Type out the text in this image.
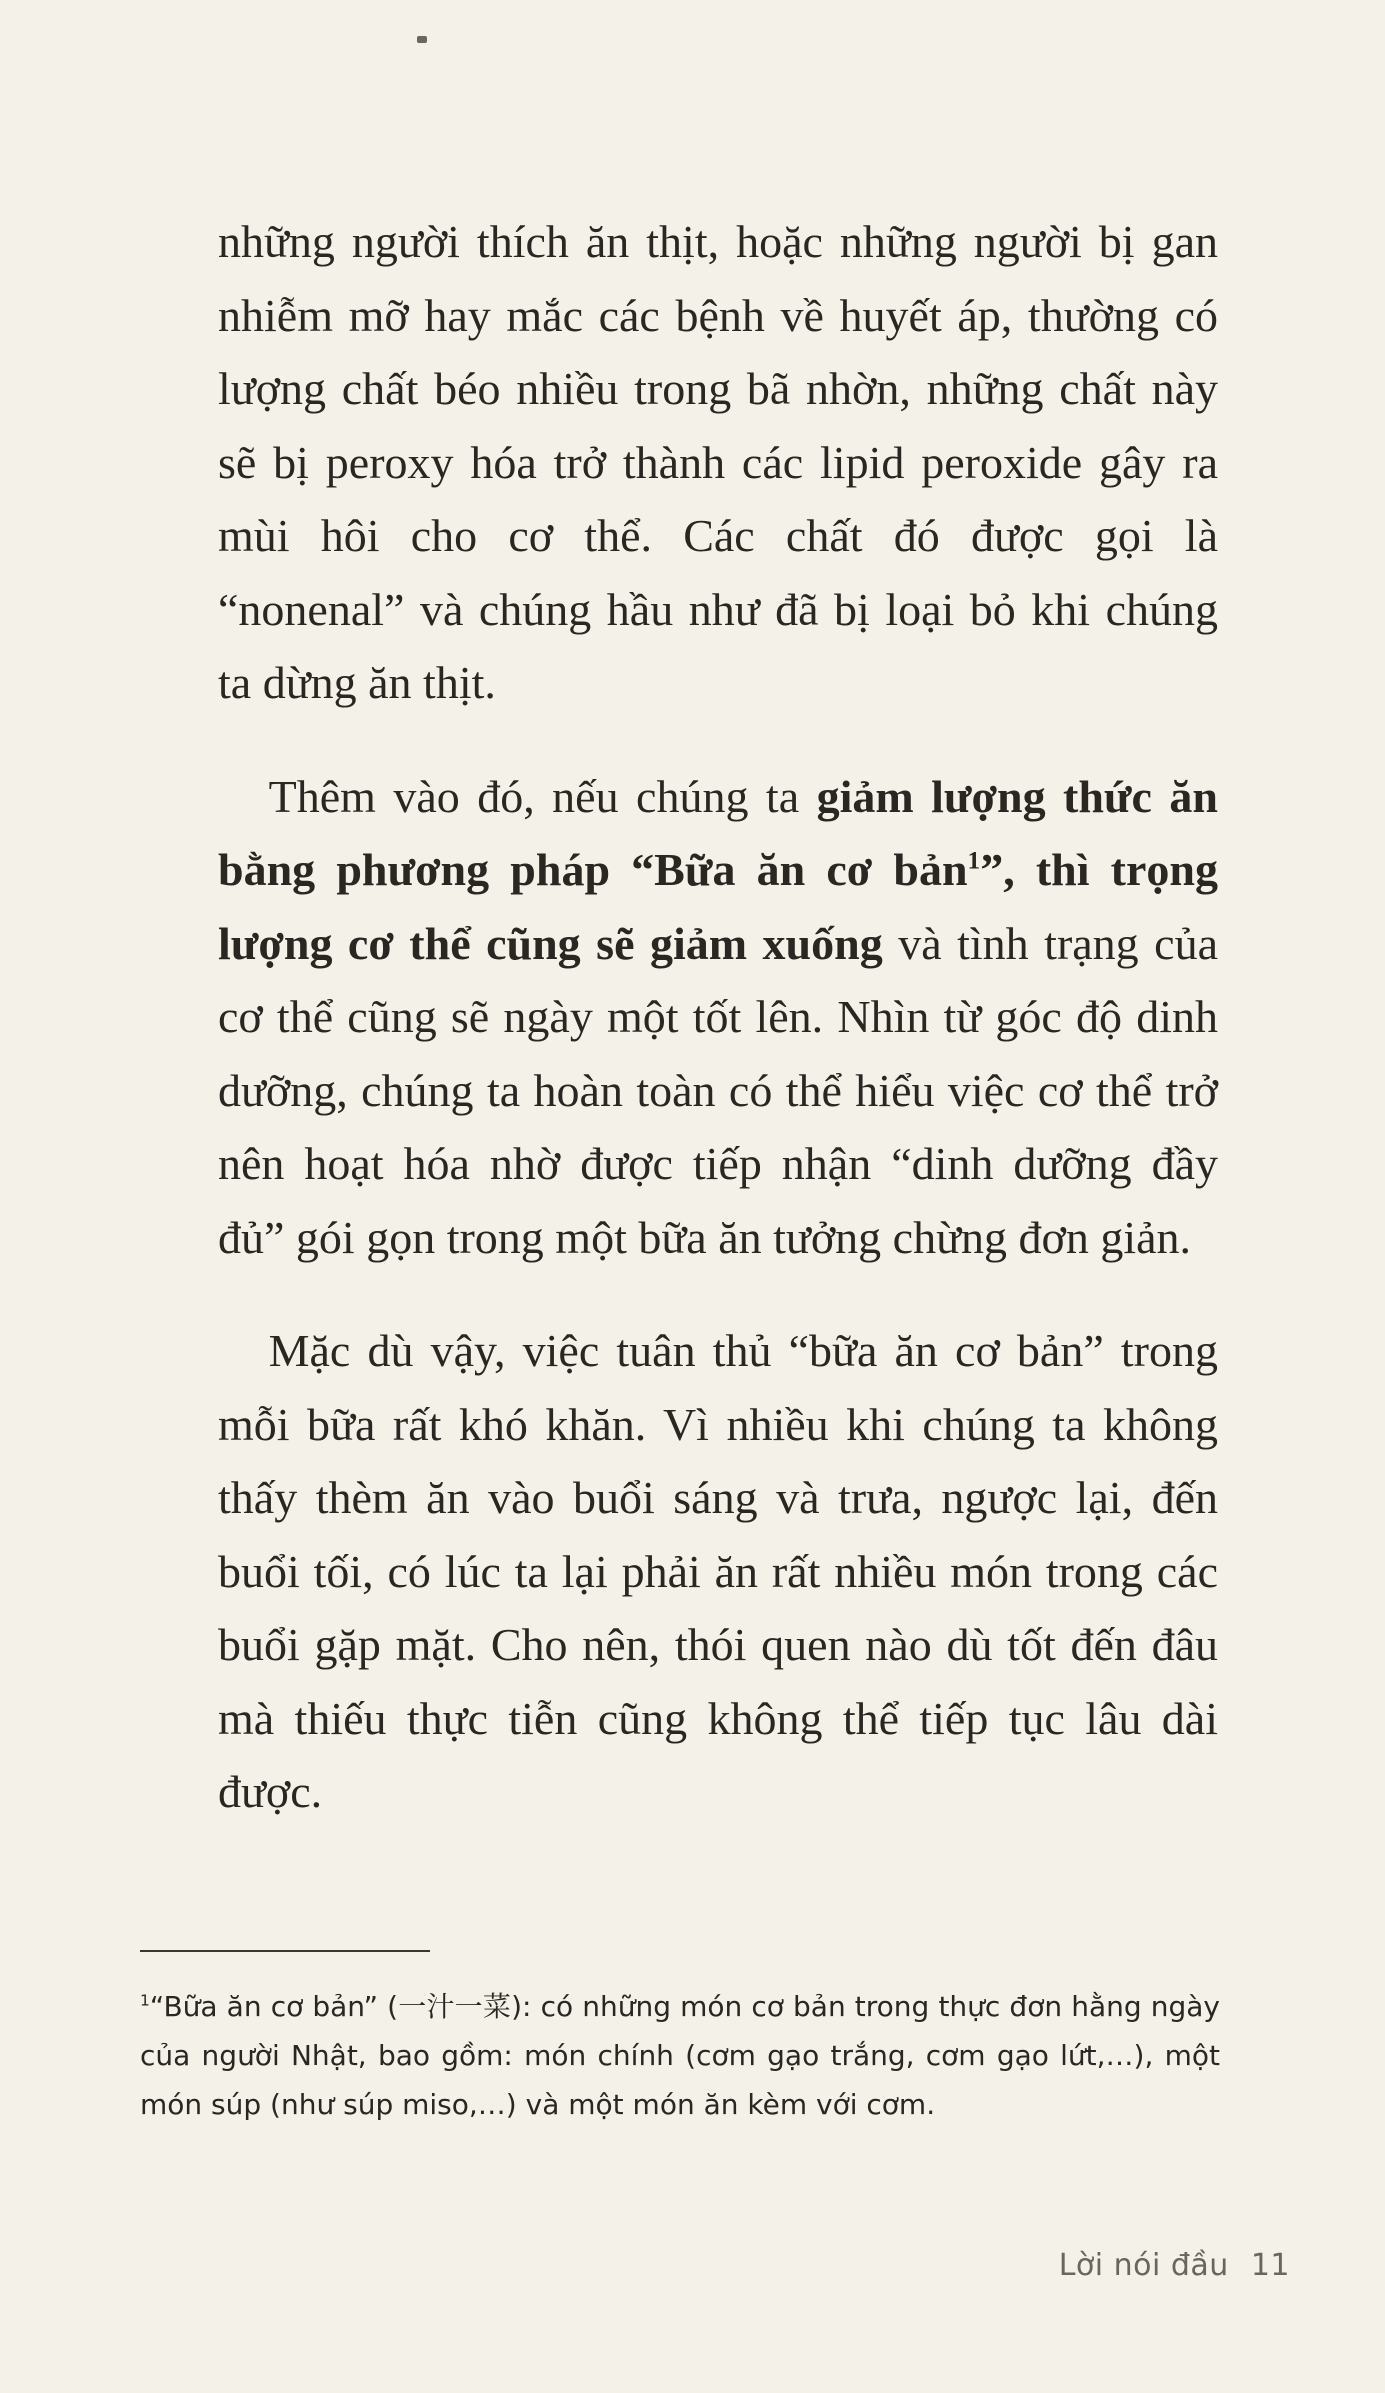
những người thích ăn thịt, hoặc những người bị gan nhiễm mỡ hay mắc các bệnh về huyết áp, thường có lượng chất béo nhiều trong bã nhờn, những chất này sẽ bị peroxy hóa trở thành các lipid peroxide gây ra mùi hôi cho cơ thể. Các chất đó được gọi là “nonenal” và chúng hầu như đã bị loại bỏ khi chúng ta dừng ăn thịt.

Thêm vào đó, nếu chúng ta giảm lượng thức ăn bằng phương pháp “Bữa ăn cơ bản$^1$”, thì trọng lượng cơ thể cũng sẽ giảm xuống và tình trạng của cơ thể cũng sẽ ngày một tốt lên. Nhìn từ góc độ dinh dưỡng, chúng ta hoàn toàn có thể hiểu việc cơ thể trở nên hoạt hóa nhờ được tiếp nhận “dinh dưỡng đầy đủ” gói gọn trong một bữa ăn tưởng chừng đơn giản.

Mặc dù vậy, việc tuân thủ “bữa ăn cơ bản” trong mỗi bữa rất khó khăn. Vì nhiều khi chúng ta không thấy thèm ăn vào buổi sáng và trưa, ngược lại, đến buổi tối, có lúc ta lại phải ăn rất nhiều món trong các buổi gặp mặt. Cho nên, thói quen nào dù tốt đến đâu mà thiếu thực tiễn cũng không thể tiếp tục lâu dài được.

$^1$“Bữa ăn cơ bản” (一汁一菜): có những món cơ bản trong thực đơn hằng ngày của người Nhật, bao gồm: món chính (cơm gạo trắng, cơm gạo lứt,…), một món súp (như súp miso,…) và một món ăn kèm với cơm.
Lời nói đầu 11
